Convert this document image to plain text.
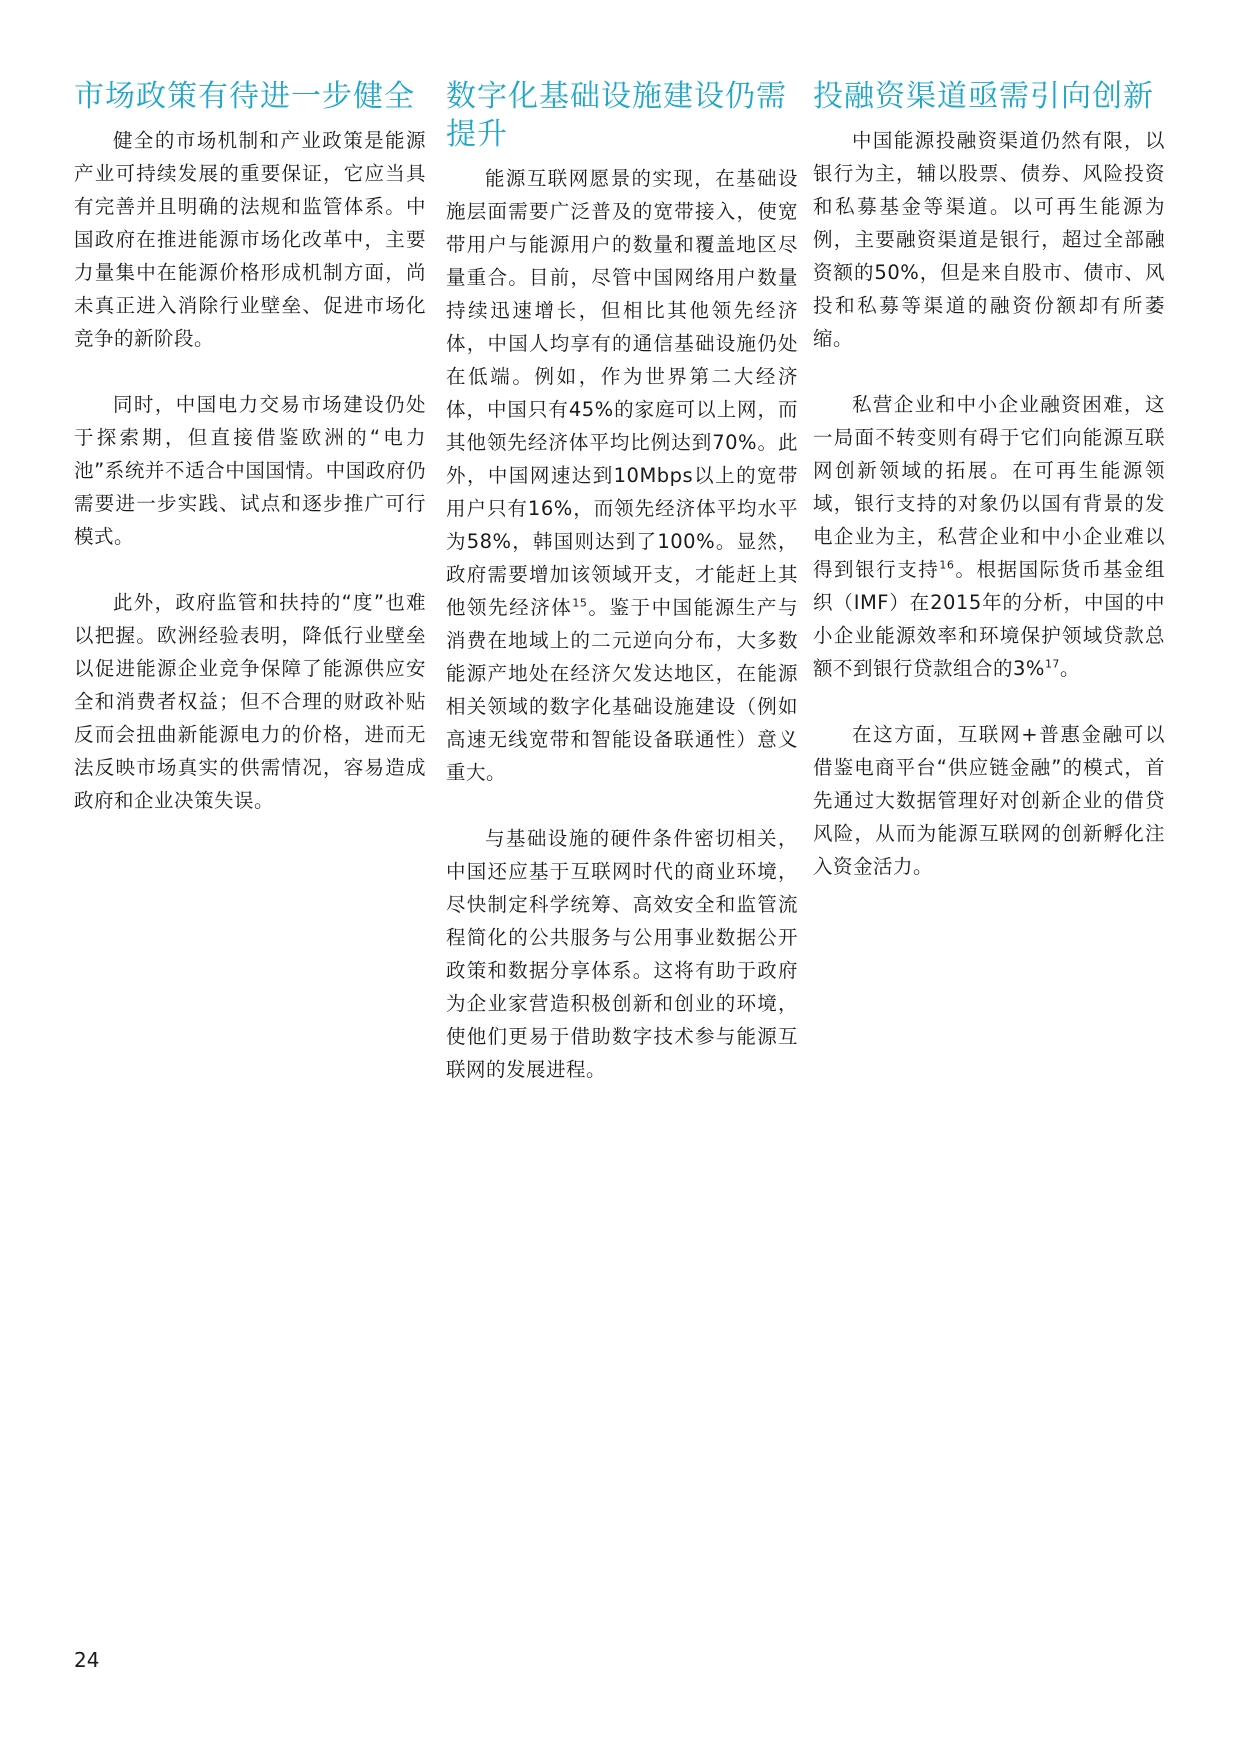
市场政策有待进一步健全

健全的市场机制和产业政策是能源产业可持续发展的重要保证，它应当具有完善并且明确的法规和监管体系。中国政府在推进能源市场化改革中，主要力量集中在能源价格形成机制方面，尚未真正进入消除行业壁垒、促进市场化竞争的新阶段。

同时，中国电力交易市场建设仍处于探索期，但直接借鉴欧洲的“电力池”系统并不适合中国国情。中国政府仍需要进一步实践、试点和逐步推广可行模式。

此外，政府监管和扶持的“度”也难以把握。欧洲经验表明，降低行业壁垒以促进能源企业竞争保障了能源供应安全和消费者权益；但不合理的财政补贴反而会扭曲新能源电力的价格，进而无法反映市场真实的供需情况，容易造成政府和企业决策失误。

数字化基础设施建设仍需提升

能源互联网愿景的实现，在基础设施层面需要广泛普及的宽带接入，使宽带用户与能源用户的数量和覆盖地区尽量重合。目前，尽管中国网络用户数量持续迅速增长，但相比其他领先经济体，中国人均享有的通信基础设施仍处在低端。例如，作为世界第二大经济体，中国只有45%的家庭可以上网，而其他领先经济体平均比例达到70%。此外，中国网速达到10Mbps以上的宽带用户只有16%，而领先经济体平均水平为58%，韩国则达到了100%。显然，政府需要增加该领域开支，才能赶上其他领先经济体$^{15}$。鉴于中国能源生产与消费在地域上的二元逆向分布，大多数能源产地处在经济欠发达地区，在能源相关领域的数字化基础设施建设（例如高速无线宽带和智能设备联通性）意义重大。

与基础设施的硬件条件密切相关，中国还应基于互联网时代的商业环境，尽快制定科学统筹、高效安全和监管流程简化的公共服务与公用事业数据公开政策和数据分享体系。这将有助于政府为企业家营造积极创新和创业的环境，使他们更易于借助数字技术参与能源互联网的发展进程。

投融资渠道亟需引向创新

中国能源投融资渠道仍然有限，以银行为主，辅以股票、债券、风险投资和私募基金等渠道。以可再生能源为例，主要融资渠道是银行，超过全部融资额的50%，但是来自股市、债市、风投和私募等渠道的融资份额却有所萎缩。

私营企业和中小企业融资困难，这一局面不转变则有碍于它们向能源互联网创新领域的拓展。在可再生能源领域，银行支持的对象仍以国有背景的发电企业为主，私营企业和中小企业难以得到银行支持$^{16}$。根据国际货币基金组织（IMF）在2015年的分析，中国的中小企业能源效率和环境保护领域贷款总额不到银行贷款组合的3%$^{17}$。

在这方面，互联网+普惠金融可以借鉴电商平台“供应链金融”的模式，首先通过大数据管理好对创新企业的借贷风险，从而为能源互联网的创新孵化注入资金活力。

24
